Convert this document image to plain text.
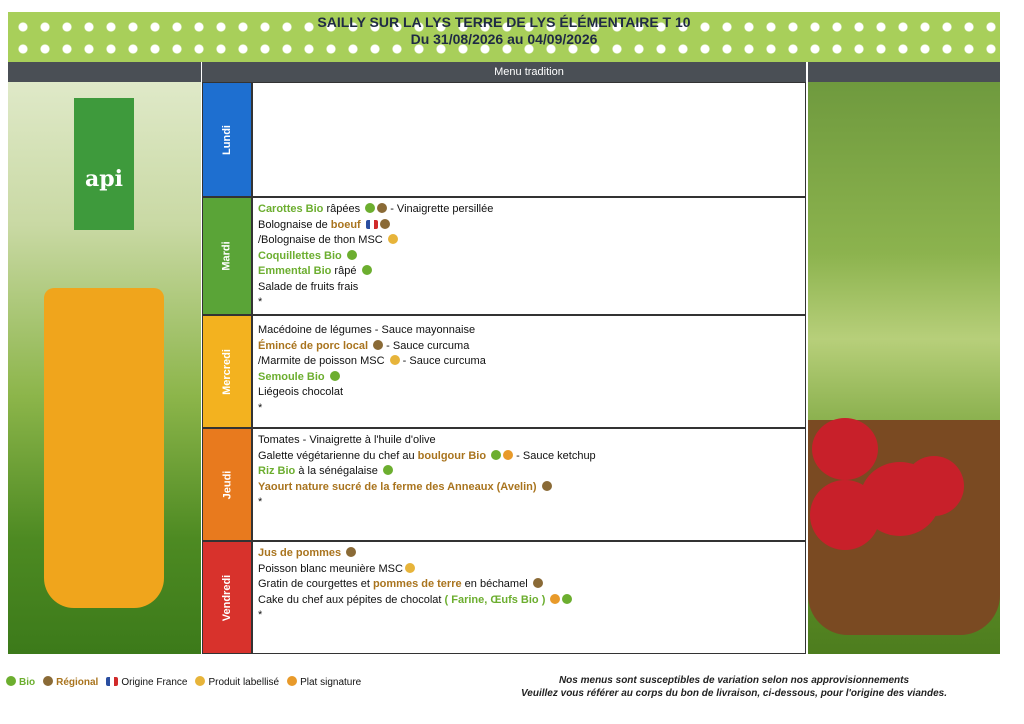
SAILLY SUR LA LYS TERRE DE LYS ÉLÉMENTAIRE T 10
Du 31/08/2026 au 04/09/2026
Menu tradition
api
Lundi
Mardi
Carottes Bio râpées  - Vinaigrette persillée
Bolognaise de boeuf
/Bolognaise de thon MSC
Coquillettes Bio
Emmental Bio râpé
Salade de fruits frais
*
Mercredi
Macédoine de légumes - Sauce mayonnaise
Émincé de porc local  - Sauce curcuma
/Marmite de poisson MSC  - Sauce curcuma
Semoule Bio
Liégeois chocolat
*
Jeudi
Tomates - Vinaigrette à l'huile d'olive
Galette végétarienne du chef au boulgour Bio  - Sauce ketchup
Riz Bio à la sénégalaise
Yaourt nature sucré de la ferme des Anneaux (Avelin)
*
Vendredi
Jus de pommes
Poisson blanc meunière MSC
Gratin de courgettes et pommes de terre en béchamel
Cake du chef aux pépites de chocolat ( Farine, Œufs Bio )
*
Bio Régional Origine France Produit labellisé Plat signature	Nos menus sont susceptibles de variation selon nos approvisionnements
Veuillez vous référer au corps du bon de livraison, ci-dessous, pour l'origine des viandes.
